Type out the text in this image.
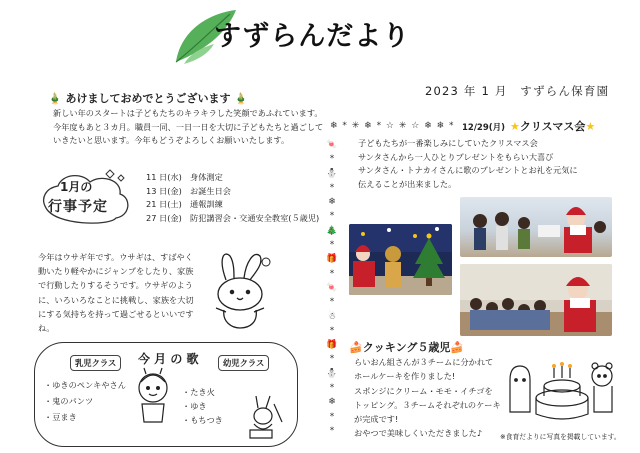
すずらんだより
2023 年 1 月　すずらん保育園
🎍 あけましておめでとうございます 🎍
新しい年のスタートは子どもたちのキラキラした笑顔であふれています。
今年度もあと３カ月。職員一同、一日一日を大切に子どもたちと過ごして
いきたいと思います。今年もどうぞよろしくお願いいたします。
1月の
行事予定
11 日(水) 身体測定
13 日(金) お誕生日会
21 日(土) 通報訓練
27 日(金) 防犯講習会・交通安全教室(５歳児)
今年はウサギ年です。ウサギは、すばやく
動いたり軽やかにジャンプをしたり、家族
で行動したりするそうです。ウサギのよう
に、いろいろなことに挑戦し、家族を大切
にする気持ちを持って過ごせるといいです
ね。
乳児クラス	今 月 の 歌	幼児クラス
・ゆきのペンキやさん
・鬼のパンツ
・豆まき
・たき火
・ゆき
・もちつき
❄ * ✳ ❄ * ☆ ✳ ☆ ❄ ❄ *
🍬
*
⛄
*
❄
*
🎄
*
🎁
*
🍬
*
☃
*
🎁
*
⛄
*
❄
*
*
12/29(月) ★クリスマス会★
子どもたちが一番楽しみにしていたクリスマス会
サンタさんから一人ひとりプレゼントをもらい大喜び
サンタさん・トナカイさんに歌のプレゼントとお礼を元気に
伝えることが出来ました。
🍰クッキング５歳児🍰
らいおん組さんが３チームに分かれて
ホールケーキを作りました!
スポンジにクリーム・モモ・イチゴを
トッピング。３チームそれぞれのケーキ
が完成です!
おやつで美味しくいただきました♪	※食育だよりに写真を掲載しています。
